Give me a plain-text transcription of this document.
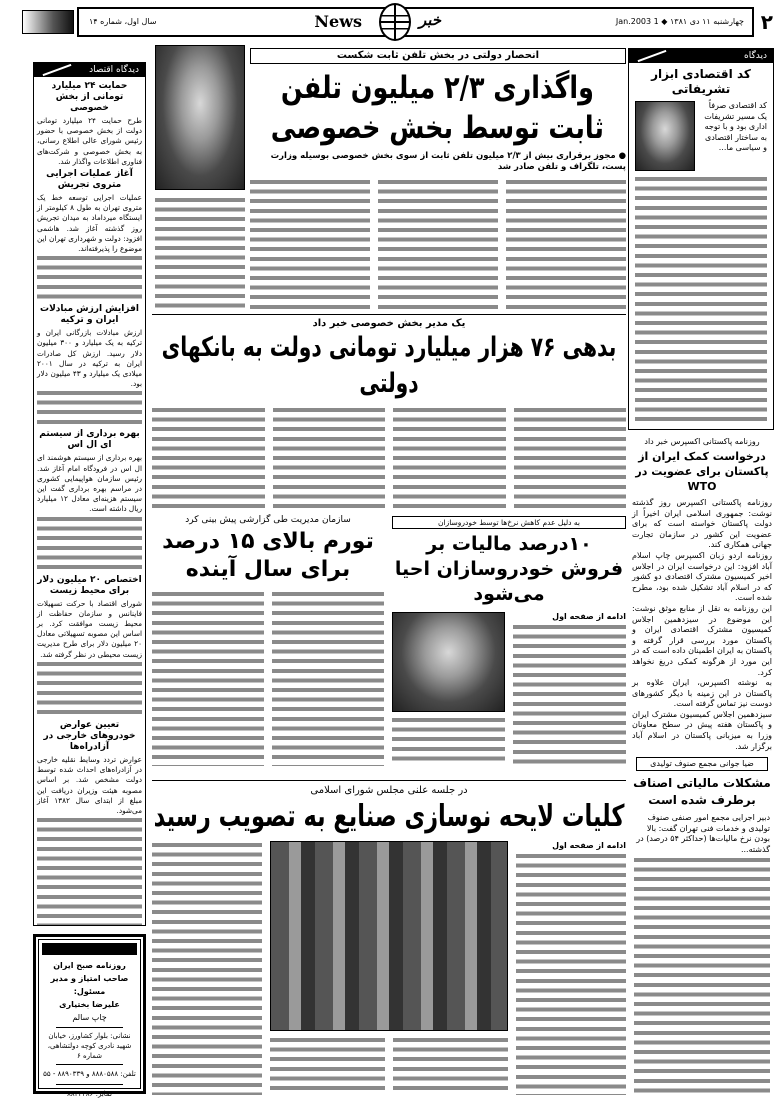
۲
چهارشنبه ۱۱ دی ۱۳۸۱ ◆ 1 Jan.2003
News	خبر
سال اول، شماره ۱۴
دیدگاه
کد اقتصادی ابزار تشریفاتی
کد اقتصادی صرفاً یک مسیر تشریفات اداری بود و با توجه به ساختار اقتصادی و سیاسی ما...
روزنامه پاکستانی اکسپرس خبر داد
درخواست کمک ایران از پاکستان برای عضویت در WTO

روزنامه پاکستانی اکسپرس روز گذشته نوشت: جمهوری اسلامی ایران اخیراً از دولت پاکستان خواسته است که برای عضویت این کشور در سازمان تجارت جهانی همکاری کند.

روزنامه اردو زبان اکسپرس چاپ اسلام آباد افزود: این درخواست ایران در اجلاس اخیر کمیسیون مشترک اقتصادی دو کشور که در اسلام آباد تشکیل شده بود، مطرح شده است.

این روزنامه به نقل از منابع موثق نوشت: این موضوع در سیزدهمین اجلاس کمیسیون مشترک اقتصادی ایران و پاکستان مورد بررسی قرار گرفته و پاکستان به ایران اطمینان داده است که در این مورد از هرگونه کمکی دریغ نخواهد کرد.

به نوشته اکسپرس، ایران علاوه بر پاکستان در این زمینه با دیگر کشورهای دوست نیز تماس گرفته است.

سیزدهمین اجلاس کمیسیون مشترک ایران و پاکستان هفته پیش در سطح معاونان وزرا به میزبانی پاکستان در اسلام آباد برگزار شد.

ضیا جوانی مجمع صنوف تولیدی
مشکلات مالیاتی اصناف برطرف شده است
دبیر اجرایی مجمع امور صنفی صنوف تولیدی و خدمات فنی تهران گفت: بالا بودن نرخ مالیات‌ها (حداکثر ۵۴ درصد) در گذشته...
دیدگاه اقتصاد
حمایت ۲۴ میلیارد تومانی از بخش خصوصی

طرح حمایت ۲۴ میلیارد تومانی دولت از بخش خصوصی با حضور رئیس شورای عالی اطلاع رسانی، به بخش خصوصی و شرکت‌های فناوری اطلاعات واگذار شد.

آغاز عملیات اجرایی متروی تجریش

عملیات اجرایی توسعه خط یک متروی تهران به طول ۸ کیلومتر از ایستگاه میرداماد به میدان تجریش روز گذشته آغاز شد. هاشمی افزود: دولت و شهرداری تهران این موضوع را پذیرفته‌اند.

افزایش ارزش مبادلات ایران و ترکیه

ارزش مبادلات بازرگانی ایران و ترکیه به یک میلیارد و ۳۰۰ میلیون دلار رسید. ارزش کل صادرات ایران به ترکیه در سال ۲۰۰۱ میلادی یک میلیارد و ۴۳ میلیون دلار بود.

بهره برداری از سیستم ای ال اس

بهره برداری از سیستم هوشمند ای ال اس در فرودگاه امام آغاز شد. رئیس سازمان هواپیمایی کشوری در مراسم بهره برداری گفت این سیستم هزینه‌ای معادل ۱۲ میلیارد ریال داشته است.

اختصاص ۲۰ میلیون دلار برای محیط زیست

شورای اقتصاد با حرکت تسهیلات فاینانس و سازمان حفاظت از محیط زیست موافقت کرد. بر اساس این مصوبه تسهیلاتی معادل ۲۰ میلیون دلار برای طرح مدیریت زیست محیطی در نظر گرفته شد.

تعیین عوارض خودروهای خارجی در آزادراه‌ها

عوارض تردد وسایط نقلیه خارجی در آزادراه‌های احداث شده توسط دولت مشخص شد. بر اساس مصوبه هیئت وزیران دریافت این مبلغ از ابتدای سال ۱۳۸۲ آغاز می‌شود.

روزنامه صبح ایران
صاحب امتیاز و مدیر مسئول:
علیرضا بختیاری
چاپ سالم
نشانی: بلوار کشاورز، خیابان شهید نادری کوچه دولتشاهی، شماره ۶
تلفن: ۸۸۸۰۵۸۸ و ۸۸۹۰۳۳۹ - ۵۵
نمابر: ۸۸۴۴۳۸۶
انحصار دولتی در بخش تلفن ثابت شکست
واگذاری ۲/۳ میلیون تلفن ثابت توسط بخش خصوصی
● مجوز برقراری بیش از ۲/۳ میلیون تلفن ثابت از سوی بخش خصوصی بوسیله وزارت پست، تلگراف و تلفن صادر شد
یک مدیر بخش خصوصی خبر داد
بدهی ۷۶ هزار میلیارد تومانی دولت به بانکهای دولتی
سازمان مدیریت طی گزارشی پیش بینی کرد
تورم بالای ۱۵ درصد برای سال آینده
به دلیل عدم کاهش نرخ‌ها توسط خودروسازان
۱۰درصد مالیات بر فروش خودروسازان احیا می‌شود
ادامه از صفحه اول
در جلسه علنی مجلس شورای اسلامی
کلیات لایحه نوسازی صنایع به تصویب رسید
ادامه از صفحه اول
